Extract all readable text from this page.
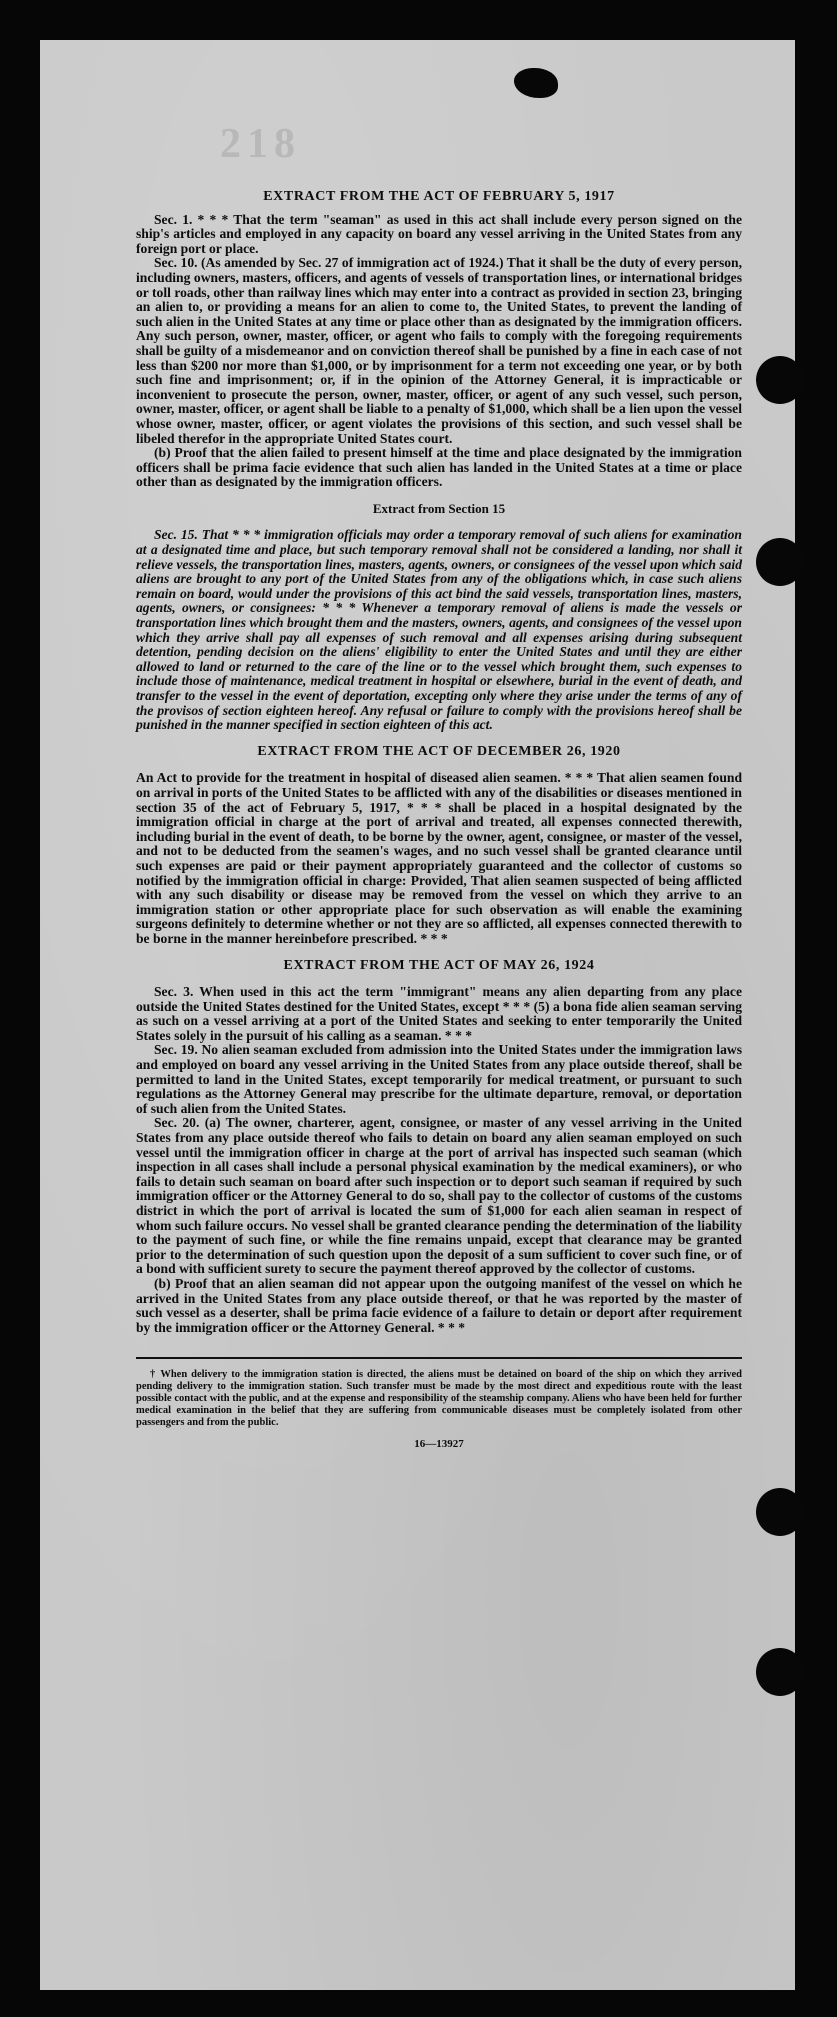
218
EXTRACT FROM THE ACT OF FEBRUARY 5, 1917

Sec. 1. * * * That the term "seaman" as used in this act shall include every person signed on the ship's articles and employed in any capacity on board any vessel arriving in the United States from any foreign port or place.

Sec. 10. (As amended by Sec. 27 of immigration act of 1924.) That it shall be the duty of every person, including owners, masters, officers, and agents of vessels of transportation lines, or international bridges or toll roads, other than railway lines which may enter into a contract as provided in section 23, bringing an alien to, or providing a means for an alien to come to, the United States, to prevent the landing of such alien in the United States at any time or place other than as designated by the immigration officers. Any such person, owner, master, officer, or agent who fails to comply with the foregoing requirements shall be guilty of a misdemeanor and on conviction thereof shall be punished by a fine in each case of not less than $200 nor more than $1,000, or by imprisonment for a term not exceeding one year, or by both such fine and imprisonment; or, if in the opinion of the Attorney General, it is impracticable or inconvenient to prosecute the person, owner, master, officer, or agent of any such vessel, such person, owner, master, officer, or agent shall be liable to a penalty of $1,000, which shall be a lien upon the vessel whose owner, master, officer, or agent violates the provisions of this section, and such vessel shall be libeled therefor in the appropriate United States court.

(b) Proof that the alien failed to present himself at the time and place designated by the immigration officers shall be prima facie evidence that such alien has landed in the United States at a time or place other than as designated by the immigration officers.

Extract from Section 15

Sec. 15. That * * * immigration officials may order a temporary removal of such aliens for examination at a designated time and place, but such temporary removal shall not be considered a landing, nor shall it relieve vessels, the transportation lines, masters, agents, owners, or consignees of the vessel upon which said aliens are brought to any port of the United States from any of the obligations which, in case such aliens remain on board, would under the provisions of this act bind the said vessels, transportation lines, masters, agents, owners, or consignees: * * * Whenever a temporary removal of aliens is made the vessels or transportation lines which brought them and the masters, owners, agents, and consignees of the vessel upon which they arrive shall pay all expenses of such removal and all expenses arising during subsequent detention, pending decision on the aliens' eligibility to enter the United States and until they are either allowed to land or returned to the care of the line or to the vessel which brought them, such expenses to include those of maintenance, medical treatment in hospital or elsewhere, burial in the event of death, and transfer to the vessel in the event of deportation, excepting only where they arise under the terms of any of the provisos of section eighteen hereof. Any refusal or failure to comply with the provisions hereof shall be punished in the manner specified in section eighteen of this act.

EXTRACT FROM THE ACT OF DECEMBER 26, 1920

An Act to provide for the treatment in hospital of diseased alien seamen. * * * That alien seamen found on arrival in ports of the United States to be afflicted with any of the disabilities or diseases mentioned in section 35 of the act of February 5, 1917, * * * shall be placed in a hospital designated by the immigration official in charge at the port of arrival and treated, all expenses connected therewith, including burial in the event of death, to be borne by the owner, agent, consignee, or master of the vessel, and not to be deducted from the seamen's wages, and no such vessel shall be granted clearance until such expenses are paid or their payment appropriately guaranteed and the collector of customs so notified by the immigration official in charge: Provided, That alien seamen suspected of being afflicted with any such disability or disease may be removed from the vessel on which they arrive to an immigration station or other appropriate place for such observation as will enable the examining surgeons definitely to determine whether or not they are so afflicted, all expenses connected therewith to be borne in the manner hereinbefore prescribed. * * *

EXTRACT FROM THE ACT OF MAY 26, 1924

Sec. 3. When used in this act the term "immigrant" means any alien departing from any place outside the United States destined for the United States, except * * * (5) a bona fide alien seaman serving as such on a vessel arriving at a port of the United States and seeking to enter temporarily the United States solely in the pursuit of his calling as a seaman. * * *

Sec. 19. No alien seaman excluded from admission into the United States under the immigration laws and employed on board any vessel arriving in the United States from any place outside thereof, shall be permitted to land in the United States, except temporarily for medical treatment, or pursuant to such regulations as the Attorney General may prescribe for the ultimate departure, removal, or deportation of such alien from the United States.

Sec. 20. (a) The owner, charterer, agent, consignee, or master of any vessel arriving in the United States from any place outside thereof who fails to detain on board any alien seaman employed on such vessel until the immigration officer in charge at the port of arrival has inspected such seaman (which inspection in all cases shall include a personal physical examination by the medical examiners), or who fails to detain such seaman on board after such inspection or to deport such seaman if required by such immigration officer or the Attorney General to do so, shall pay to the collector of customs of the customs district in which the port of arrival is located the sum of $1,000 for each alien seaman in respect of whom such failure occurs. No vessel shall be granted clearance pending the determination of the liability to the payment of such fine, or while the fine remains unpaid, except that clearance may be granted prior to the determination of such question upon the deposit of a sum sufficient to cover such fine, or of a bond with sufficient surety to secure the payment thereof approved by the collector of customs.

(b) Proof that an alien seaman did not appear upon the outgoing manifest of the vessel on which he arrived in the United States from any place outside thereof, or that he was reported by the master of such vessel as a deserter, shall be prima facie evidence of a failure to detain or deport after requirement by the immigration officer or the Attorney General. * * *

† When delivery to the immigration station is directed, the aliens must be detained on board of the ship on which they arrived pending delivery to the immigration station. Such transfer must be made by the most direct and expeditious route with the least possible contact with the public, and at the expense and responsibility of the steamship company. Aliens who have been held for further medical examination in the belief that they are suffering from communicable diseases must be completely isolated from other passengers and from the public.

16—13927
